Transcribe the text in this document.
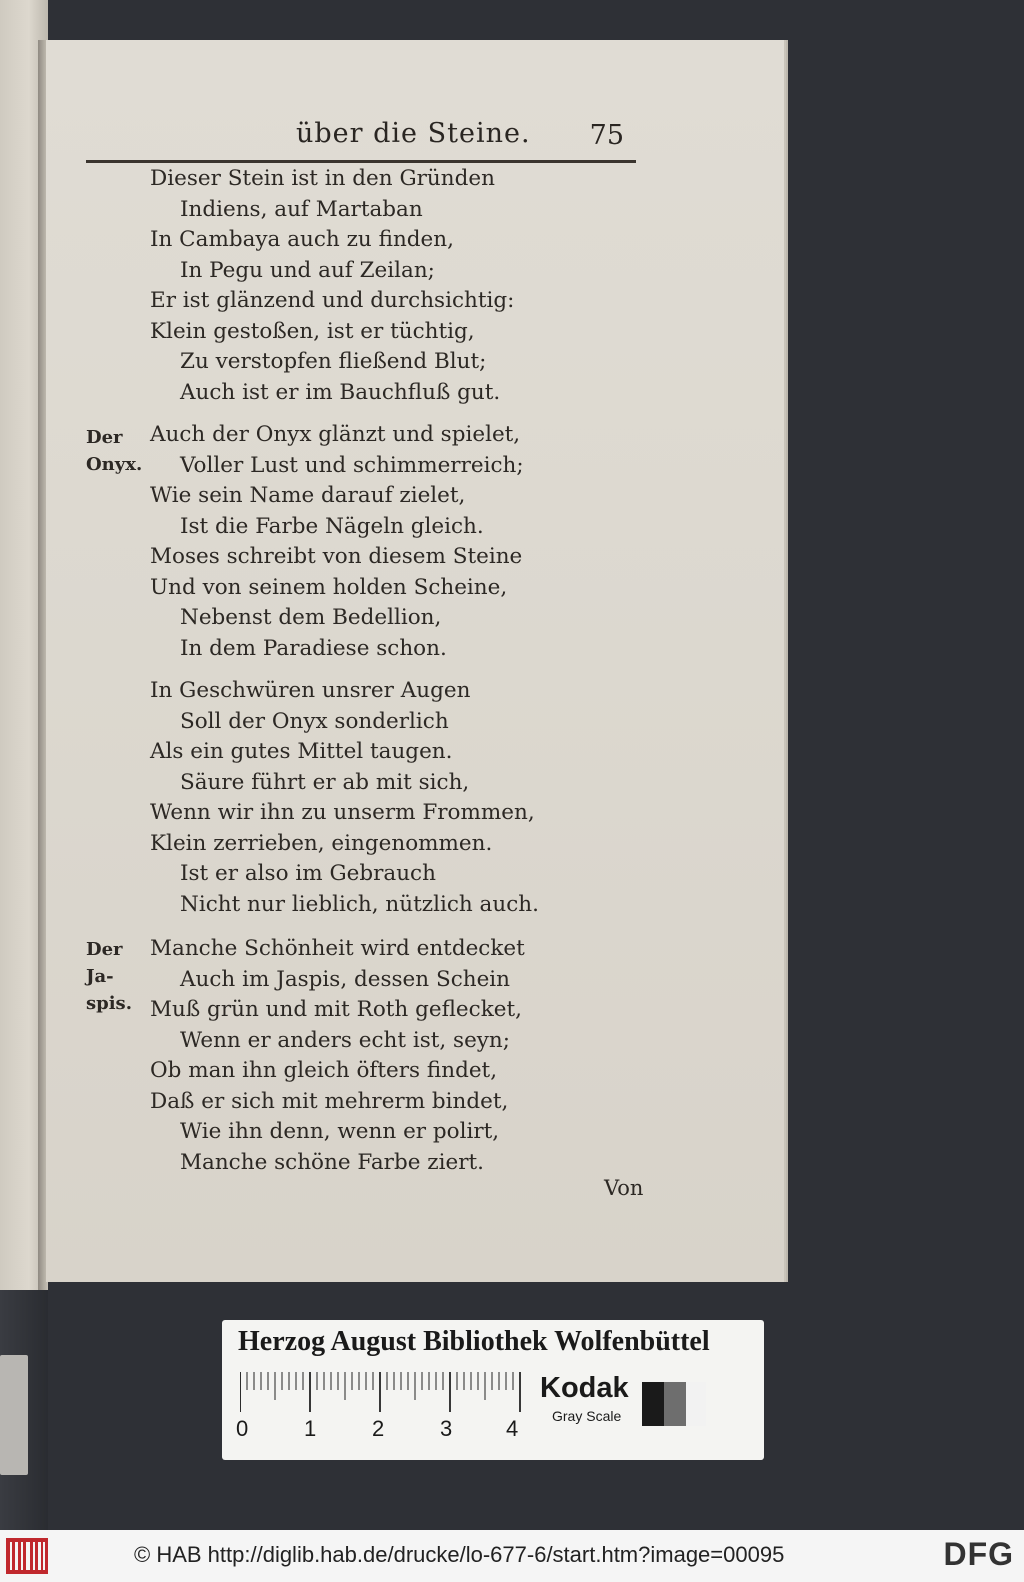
über die Steine. 75
Dieser Stein ist in den Gründen
Indiens, auf Martaban
In Cambaya auch zu finden,
In Pegu und auf Zeilan;
Er ist glänzend und durchsichtig:
Klein gestoßen, ist er tüchtig,
Zu verstopfen fließend Blut;
Auch ist er im Bauchfluß gut.
Der
Onyx.
Auch der Onyx glänzt und spielet,
Voller Lust und schimmerreich;
Wie sein Name darauf zielet,
Ist die Farbe Nägeln gleich.
Moses schreibt von diesem Steine
Und von seinem holden Scheine,
Nebenst dem Bedellion,
In dem Paradiese schon.
In Geschwüren unsrer Augen
Soll der Onyx sonderlich
Als ein gutes Mittel taugen.
Säure führt er ab mit sich,
Wenn wir ihn zu unserm Frommen,
Klein zerrieben, eingenommen.
Ist er also im Gebrauch
Nicht nur lieblich, nützlich auch.
Der
Ja-
spis.
Manche Schönheit wird entdecket
Auch im Jaspis, dessen Schein
Muß grün und mit Roth geflecket,
Wenn er anders echt ist, seyn;
Ob man ihn gleich öfters findet,
Daß er sich mit mehrerm bindet,
Wie ihn denn, wenn er polirt,
Manche schöne Farbe ziert.
Von
Herzog August Bibliothek Wolfenbüttel
0	1	2	3 4
Kodak
Gray Scale
© HAB http://diglib.hab.de/drucke/lo-677-6/start.htm?image=00095	DFG
